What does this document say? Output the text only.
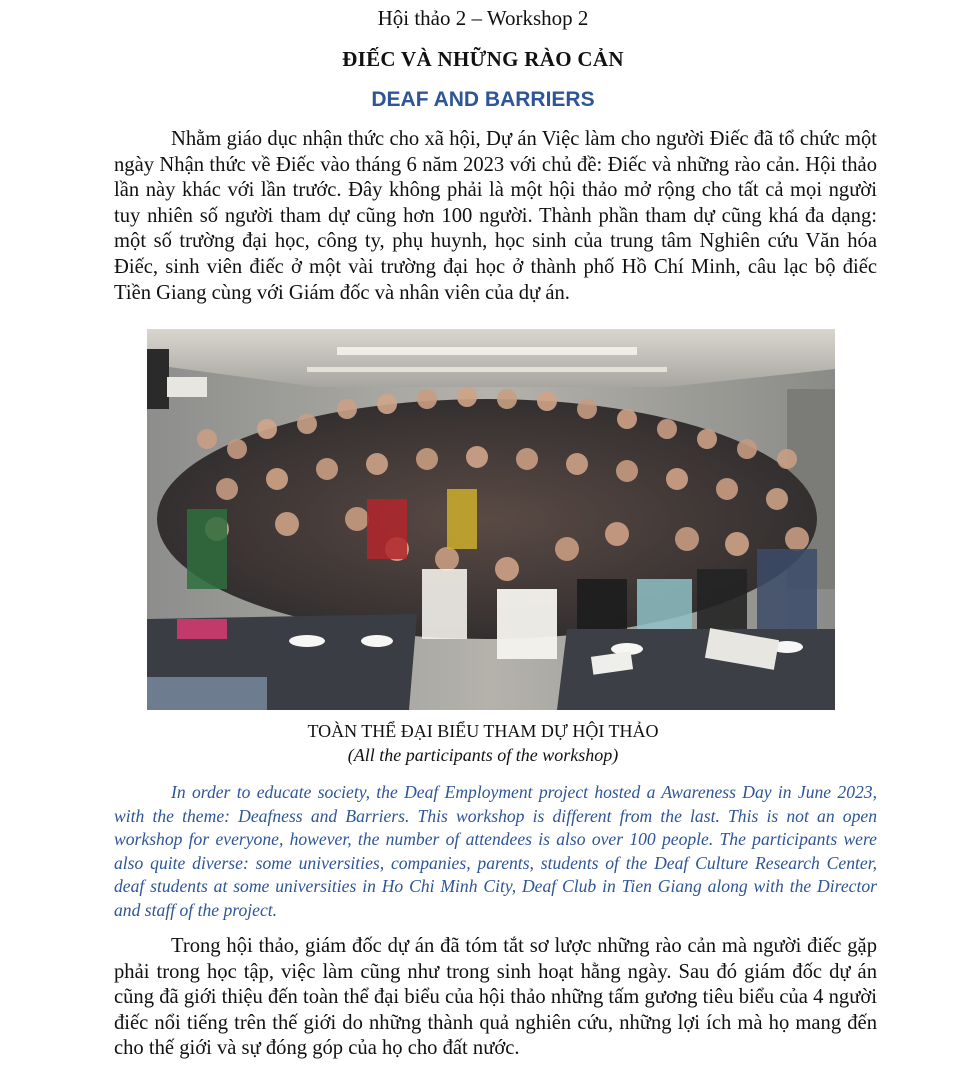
Hội thảo 2 – Workshop 2

ĐIẾC VÀ NHỮNG RÀO CẢN

DEAF AND BARRIERS

Nhằm giáo dục nhận thức cho xã hội, Dự án Việc làm cho người Điếc đã tổ chức một ngày Nhận thức về Điếc vào tháng 6 năm 2023 với chủ đề: Điếc và những rào cản. Hội thảo lần này khác với lần trước. Đây không phải là một hội thảo mở rộng cho tất cả mọi người tuy nhiên số người tham dự cũng hơn 100 người. Thành phần tham dự cũng khá đa dạng: một số trường đại học, công ty, phụ huynh, học sinh của trung tâm Nghiên cứu Văn hóa Điếc, sinh viên điếc ở một vài trường đại học ở thành phố Hồ Chí Minh, câu lạc bộ điếc Tiền Giang cùng với Giám đốc và nhân viên của dự án.

TOÀN THỂ ĐẠI BIỂU THAM DỰ HỘI THẢO

(All the participants of the workshop)

In order to educate society, the Deaf Employment project hosted a Awareness Day in June 2023, with the theme: Deafness and Barriers. This workshop is different from the last. This is not an open workshop for everyone, however, the number of attendees is also over 100 people. The participants were also quite diverse: some universities, companies, parents, students of the Deaf Culture Research Center, deaf students at some universities in Ho Chi Minh City, Deaf Club in Tien Giang along with the Director and staff of the project.

Trong hội thảo, giám đốc dự án đã tóm tắt sơ lược những rào cản mà người điếc gặp phải trong học tập, việc làm cũng như trong sinh hoạt hằng ngày. Sau đó giám đốc dự án cũng đã giới thiệu đến toàn thể đại biểu của hội thảo những tấm gương tiêu biểu của 4 người điếc nổi tiếng trên thế giới do những thành quả nghiên cứu, những lợi ích mà họ mang đến cho thế giới và sự đóng góp của họ cho đất nước.
